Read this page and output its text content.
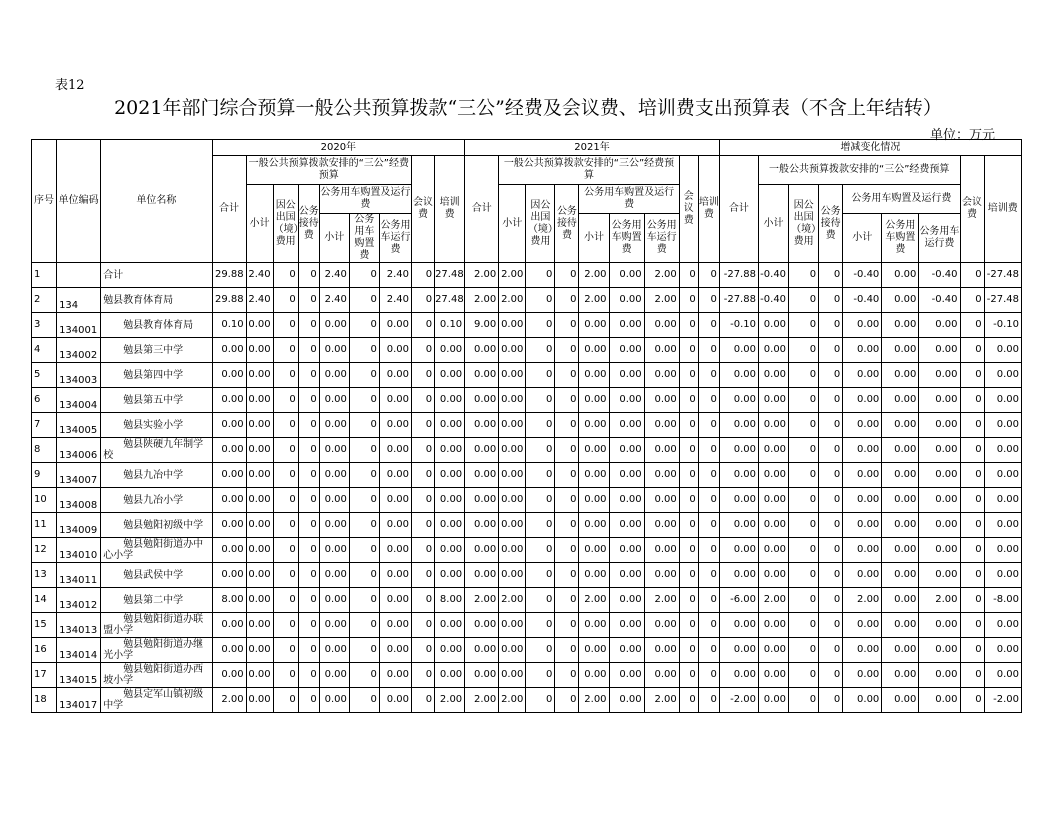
表12
2021年部门综合预算一般公共预算拨款“三公”经费及会议费、培训费支出预算表（不含上年结转）
单位：万元
序号	单位编码	单位名称	2020年									2021年									增减变化情况								
			合计	一般公共预算拨款安排的“三公”经费预算						会议费	培训费	合计	一般公共预算拨款安排的“三公”经费预算						会议费	培训费	合计	一般公共预算拨款安排的“三公”经费预算						会议费	培训费
				小计	因公出国（境）费用	公务接待费	公务用车购置及运行费						小计	因公出国（境）费用	公务接待费	公务用车购置及运行费						小计	因公出国（境）费用	公务接待费	公务用车购置及运行费				
							小计	公务用车购置费	公务用车运行费							小计	公务用车购置费	公务用车运行费							小计	公务用车购置费	公务用车运行费		
1		合计	29.88	2.40	0	0	2.40	0	2.40	0	27.48	2.00	2.00	0	0	2.00	0.00	2.00	0	0	-27.88	-0.40	0	0	-0.40	0.00	-0.40	0	-27.48
2	134	勉县教育体育局	29.88	2.40	0	0	2.40	0	2.40	0	27.48	2.00	2.00	0	0	2.00	0.00	2.00	0	0	-27.88	-0.40	0	0	-0.40	0.00	-0.40	0	-27.48
3	134001	勉县教育体育局	0.10	0.00	0	0	0.00	0	0.00	0	0.10	9.00	0.00	0	0	0.00	0.00	0.00	0	0	-0.10	0.00	0	0	0.00	0.00	0.00	0	-0.10
4	134002	勉县第三中学	0.00	0.00	0	0	0.00	0	0.00	0	0.00	0.00	0.00	0	0	0.00	0.00	0.00	0	0	0.00	0.00	0	0	0.00	0.00	0.00	0	0.00
5	134003	勉县第四中学	0.00	0.00	0	0	0.00	0	0.00	0	0.00	0.00	0.00	0	0	0.00	0.00	0.00	0	0	0.00	0.00	0	0	0.00	0.00	0.00	0	0.00
6	134004	勉县第五中学	0.00	0.00	0	0	0.00	0	0.00	0	0.00	0.00	0.00	0	0	0.00	0.00	0.00	0	0	0.00	0.00	0	0	0.00	0.00	0.00	0	0.00
7	134005	勉县实验小学	0.00	0.00	0	0	0.00	0	0.00	0	0.00	0.00	0.00	0	0	0.00	0.00	0.00	0	0	0.00	0.00	0	0	0.00	0.00	0.00	0	0.00
8	134006	勉县陕硬九年制学校	0.00	0.00	0	0	0.00	0	0.00	0	0.00	0.00	0.00	0	0	0.00	0.00	0.00	0	0	0.00	0.00	0	0	0.00	0.00	0.00	0	0.00
9	134007	勉县九冶中学	0.00	0.00	0	0	0.00	0	0.00	0	0.00	0.00	0.00	0	0	0.00	0.00	0.00	0	0	0.00	0.00	0	0	0.00	0.00	0.00	0	0.00
10	134008	勉县九冶小学	0.00	0.00	0	0	0.00	0	0.00	0	0.00	0.00	0.00	0	0	0.00	0.00	0.00	0	0	0.00	0.00	0	0	0.00	0.00	0.00	0	0.00
11	134009	勉县勉阳初级中学	0.00	0.00	0	0	0.00	0	0.00	0	0.00	0.00	0.00	0	0	0.00	0.00	0.00	0	0	0.00	0.00	0	0	0.00	0.00	0.00	0	0.00
12	134010	勉县勉阳街道办中心小学	0.00	0.00	0	0	0.00	0	0.00	0	0.00	0.00	0.00	0	0	0.00	0.00	0.00	0	0	0.00	0.00	0	0	0.00	0.00	0.00	0	0.00
13	134011	勉县武侯中学	0.00	0.00	0	0	0.00	0	0.00	0	0.00	0.00	0.00	0	0	0.00	0.00	0.00	0	0	0.00	0.00	0	0	0.00	0.00	0.00	0	0.00
14	134012	勉县第二中学	8.00	0.00	0	0	0.00	0	0.00	0	8.00	2.00	2.00	0	0	2.00	0.00	2.00	0	0	-6.00	2.00	0	0	2.00	0.00	2.00	0	-8.00
15	134013	勉县勉阳街道办联盟小学	0.00	0.00	0	0	0.00	0	0.00	0	0.00	0.00	0.00	0	0	0.00	0.00	0.00	0	0	0.00	0.00	0	0	0.00	0.00	0.00	0	0.00
16	134014	勉县勉阳街道办继光小学	0.00	0.00	0	0	0.00	0	0.00	0	0.00	0.00	0.00	0	0	0.00	0.00	0.00	0	0	0.00	0.00	0	0	0.00	0.00	0.00	0	0.00
17	134015	勉县勉阳街道办西坡小学	0.00	0.00	0	0	0.00	0	0.00	0	0.00	0.00	0.00	0	0	0.00	0.00	0.00	0	0	0.00	0.00	0	0	0.00	0.00	0.00	0	0.00
18	134017	勉县定军山镇初级中学	2.00	0.00	0	0	0.00	0	0.00	0	2.00	2.00	2.00	0	0	2.00	0.00	2.00	0	0	-2.00	0.00	0	0	0.00	0.00	0.00	0	-2.00
